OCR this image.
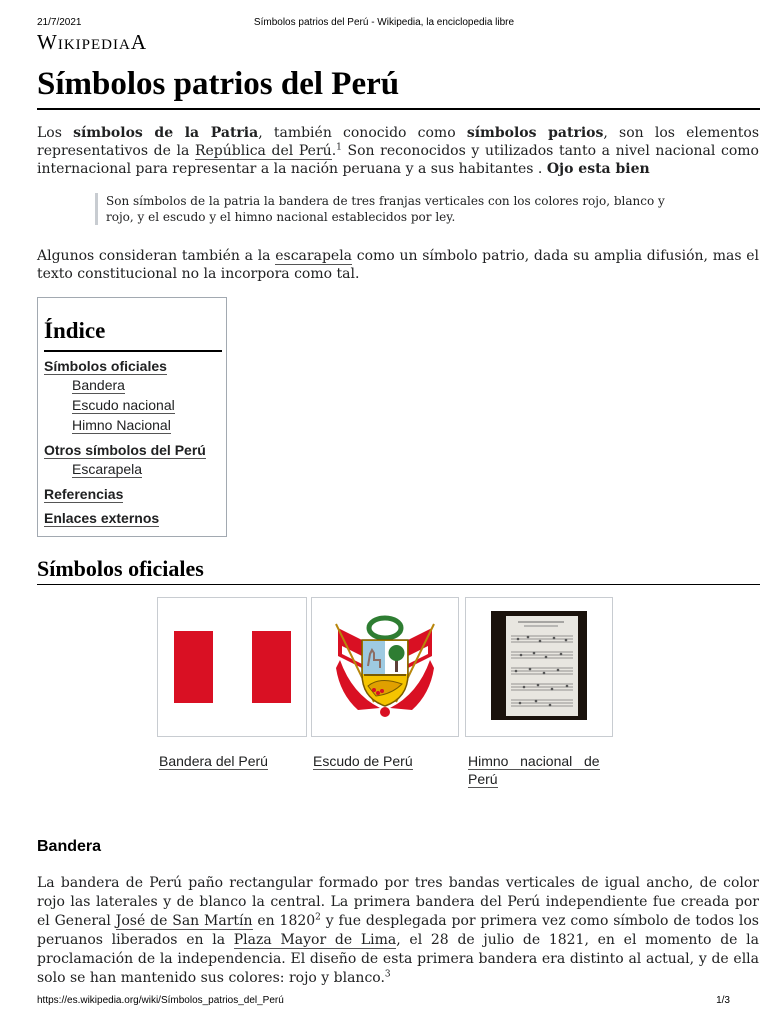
21/7/2021	Símbolos patrios del Perú - Wikipedia, la enciclopedia libre
WikipediaA
Símbolos patrios del Perú

Los símbolos de la Patria, también conocido como símbolos patrios, son los elementos representativos de la República del Perú.$^1$ Son reconocidos y utilizados tanto a nivel nacional como internacional para representar a la nación peruana y a sus habitantes . Ojo esta bien

Son símbolos de la patria la bandera de tres franjas verticales con los colores rojo, blanco y rojo, y el escudo y el himno nacional establecidos por ley.

Algunos consideran también a la escarapela como un símbolo patrio, dada su amplia difusión, mas el texto constitucional no la incorpora como tal.

Índice
Símbolos oficiales
Bandera
Escudo nacional
Himno Nacional
Otros símbolos del Perú
Escarapela
Referencias
Enlaces externos
Símbolos oficiales
Bandera del Perú	Escudo de Perú	Himno   nacional   de
Perú
Bandera

La bandera de Perú paño rectangular formado por tres bandas verticales de igual ancho, de color rojo las laterales y de blanco la central. La primera bandera del Perú independiente fue creada por el General José de San Martín en 1820$^2$ y fue desplegada por primera vez como símbolo de todos los peruanos liberados en la Plaza Mayor de Lima, el 28 de julio de 1821, en el momento de la proclamación de la independencia. El diseño de esta primera bandera era distinto al actual, y de ella solo se han mantenido sus colores: rojo y blanco.$^3$

https://es.wikipedia.org/wiki/Símbolos_patrios_del_Perú	1/3
